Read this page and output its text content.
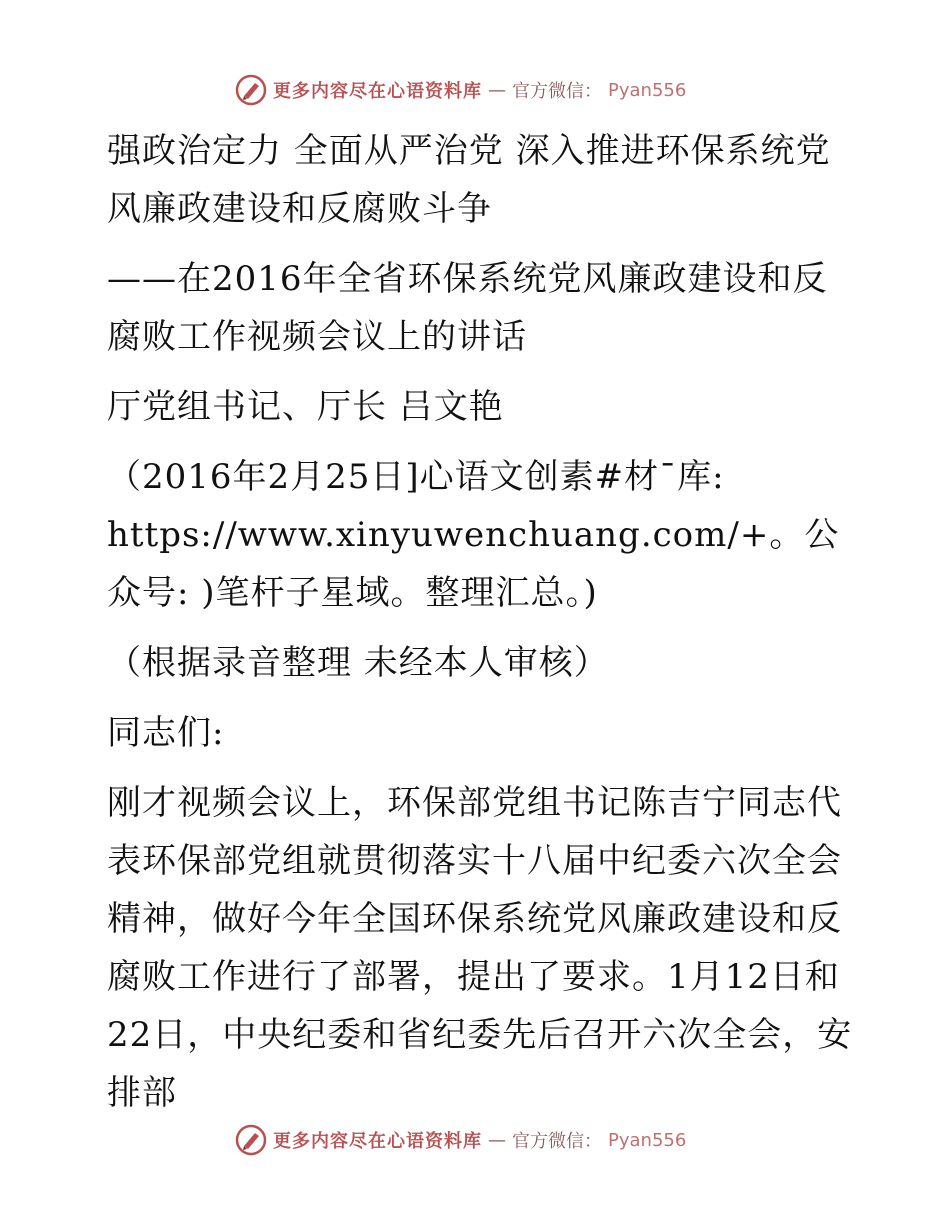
更多内容尽在心语资料库 — 官方微信： Pyan556

强政治定力 全面从严治党 深入推进环保系统党风廉政建设和反腐败斗争

——在2016年全省环保系统党风廉政建设和反腐败工作视频会议上的讲话

厅党组书记、厅长 吕文艳

（2016年2月25日]心语文创素#材¯库: https://www.xinyuwenchuang.com/+。公众号: )笔杆子星域。整理汇总。)

（根据录音整理 未经本人审核）

同志们:

刚才视频会议上，环保部党组书记陈吉宁同志代表环保部党组就贯彻落实十八届中纪委六次全会精神，做好今年全国环保系统党风廉政建设和反腐败工作进行了部署，提出了要求。1月12日和22日，中央纪委和省纪委先后召开六次全会，安排部

更多内容尽在心语资料库 — 官方微信： Pyan556
